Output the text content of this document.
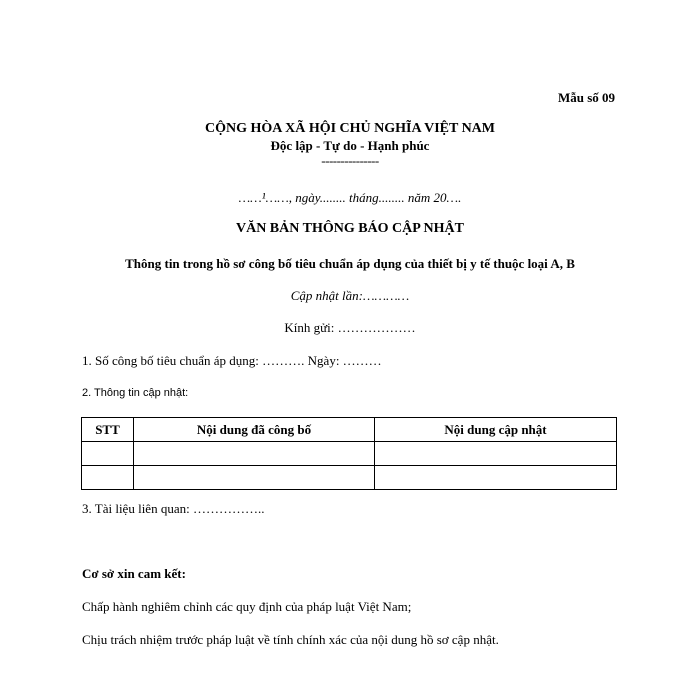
Mẫu số 09
CỘNG HÒA XÃ HỘI CHỦ NGHĨA VIỆT NAM
Độc lập - Tự do - Hạnh phúc
---------------
……¹……, ngày........ tháng........ năm 20….
VĂN BẢN THÔNG BÁO CẬP NHẬT
Thông tin trong hồ sơ công bố tiêu chuẩn áp dụng của thiết bị y tế thuộc loại A, B
Cập nhật lần:…………
Kính gửi: ………………
1. Số công bố tiêu chuẩn áp dụng: ………. Ngày: ………
2. Thông tin cập nhật:
STT	Nội dung đã công bố	Nội dung cập nhật

3. Tài liệu liên quan: ……………..
Cơ sở xin cam kết:
Chấp hành nghiêm chỉnh các quy định của pháp luật Việt Nam;
Chịu trách nhiệm trước pháp luật về tính chính xác của nội dung hồ sơ cập nhật.
